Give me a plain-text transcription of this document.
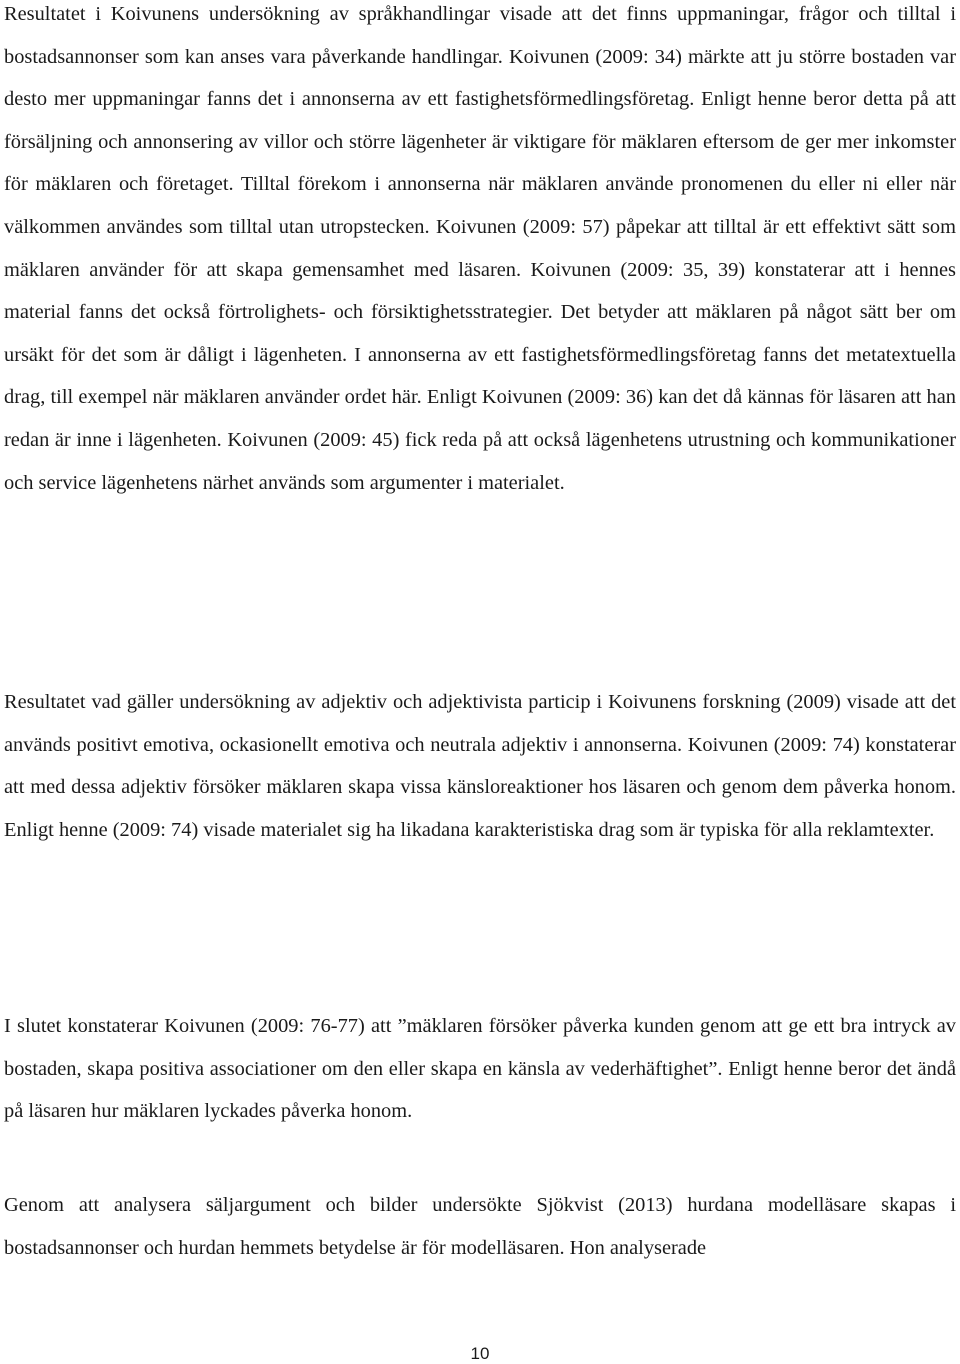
Resultatet i Koivunens undersökning av språkhandlingar visade att det finns uppmaningar, frågor och tilltal i bostadsannonser som kan anses vara påverkande handlingar. Koivunen (2009: 34) märkte att ju större bostaden var desto mer uppmaningar fanns det i annonserna av ett fastighetsförmedlingsföretag. Enligt henne beror detta på att försäljning och annonsering av villor och större lägenheter är viktigare för mäklaren eftersom de ger mer inkomster för mäklaren och företaget. Tilltal förekom i annonserna när mäklaren använde pronomenen du eller ni eller när välkommen användes som tilltal utan utropstecken. Koivunen (2009: 57) påpekar att tilltal är ett effektivt sätt som mäklaren använder för att skapa gemensamhet med läsaren. Koivunen (2009: 35, 39) konstaterar att i hennes material fanns det också förtrolighets- och försiktighetsstrategier. Det betyder att mäklaren på något sätt ber om ursäkt för det som är dåligt i lägenheten. I annonserna av ett fastighetsförmedlingsföretag fanns det metatextuella drag, till exempel när mäklaren använder ordet här. Enligt Koivunen (2009: 36) kan det då kännas för läsaren att han redan är inne i lägenheten. Koivunen (2009: 45) fick reda på att också lägenhetens utrustning och kommunikationer och service lägenhetens närhet används som argumenter i materialet.

Resultatet vad gäller undersökning av adjektiv och adjektivista particip i Koivunens forskning (2009) visade att det används positivt emotiva, ockasionellt emotiva och neutrala adjektiv i annonserna. Koivunen (2009: 74) konstaterar att med dessa adjektiv försöker mäklaren skapa vissa känsloreaktioner hos läsaren och genom dem påverka honom. Enligt henne (2009: 74) visade materialet sig ha likadana karakteristiska drag som är typiska för alla reklamtexter.

I slutet konstaterar Koivunen (2009: 76-77) att ”mäklaren försöker påverka kunden genom att ge ett bra intryck av bostaden, skapa positiva associationer om den eller skapa en känsla av vederhäftighet”. Enligt henne beror det ändå på läsaren hur mäklaren lyckades påverka honom.

Genom att analysera säljargument och bilder undersökte Sjökvist (2013) hurdana modelläsare skapas i bostadsannonser och hurdan hemmets betydelse är för modelläsaren. Hon analyserade

10
